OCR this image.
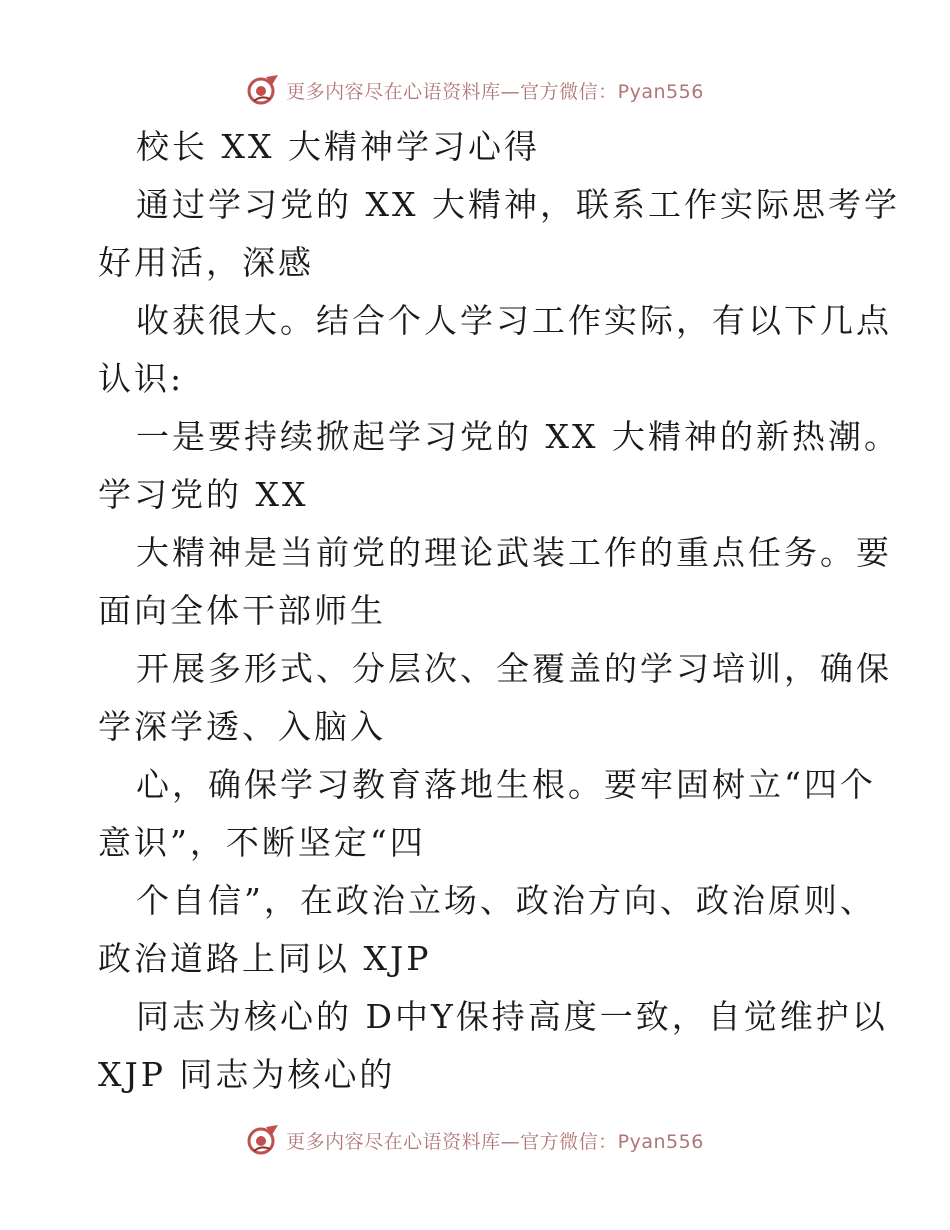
更多内容尽在心语资料库—官方微信：Pyan556
校长 XX 大精神学习心得
通过学习党的 XX 大精神，联系工作实际思考学
好用活，深感
收获很大。结合个人学习工作实际，有以下几点
认识:
一是要持续掀起学习党的 XX 大精神的新热潮。
学习党的 XX
大精神是当前党的理论武装工作的重点任务。要
面向全体干部师生
开展多形式、分层次、全覆盖的学习培训，确保
学深学透、入脑入
心，确保学习教育落地生根。要牢固树立“四个
意识”，不断坚定“四
个自信”，在政治立场、政治方向、政治原则、
政治道路上同以 XJP
同志为核心的 D中Y保持高度一致，自觉维护以
XJP 同志为核心的
更多内容尽在心语资料库—官方微信：Pyan556
